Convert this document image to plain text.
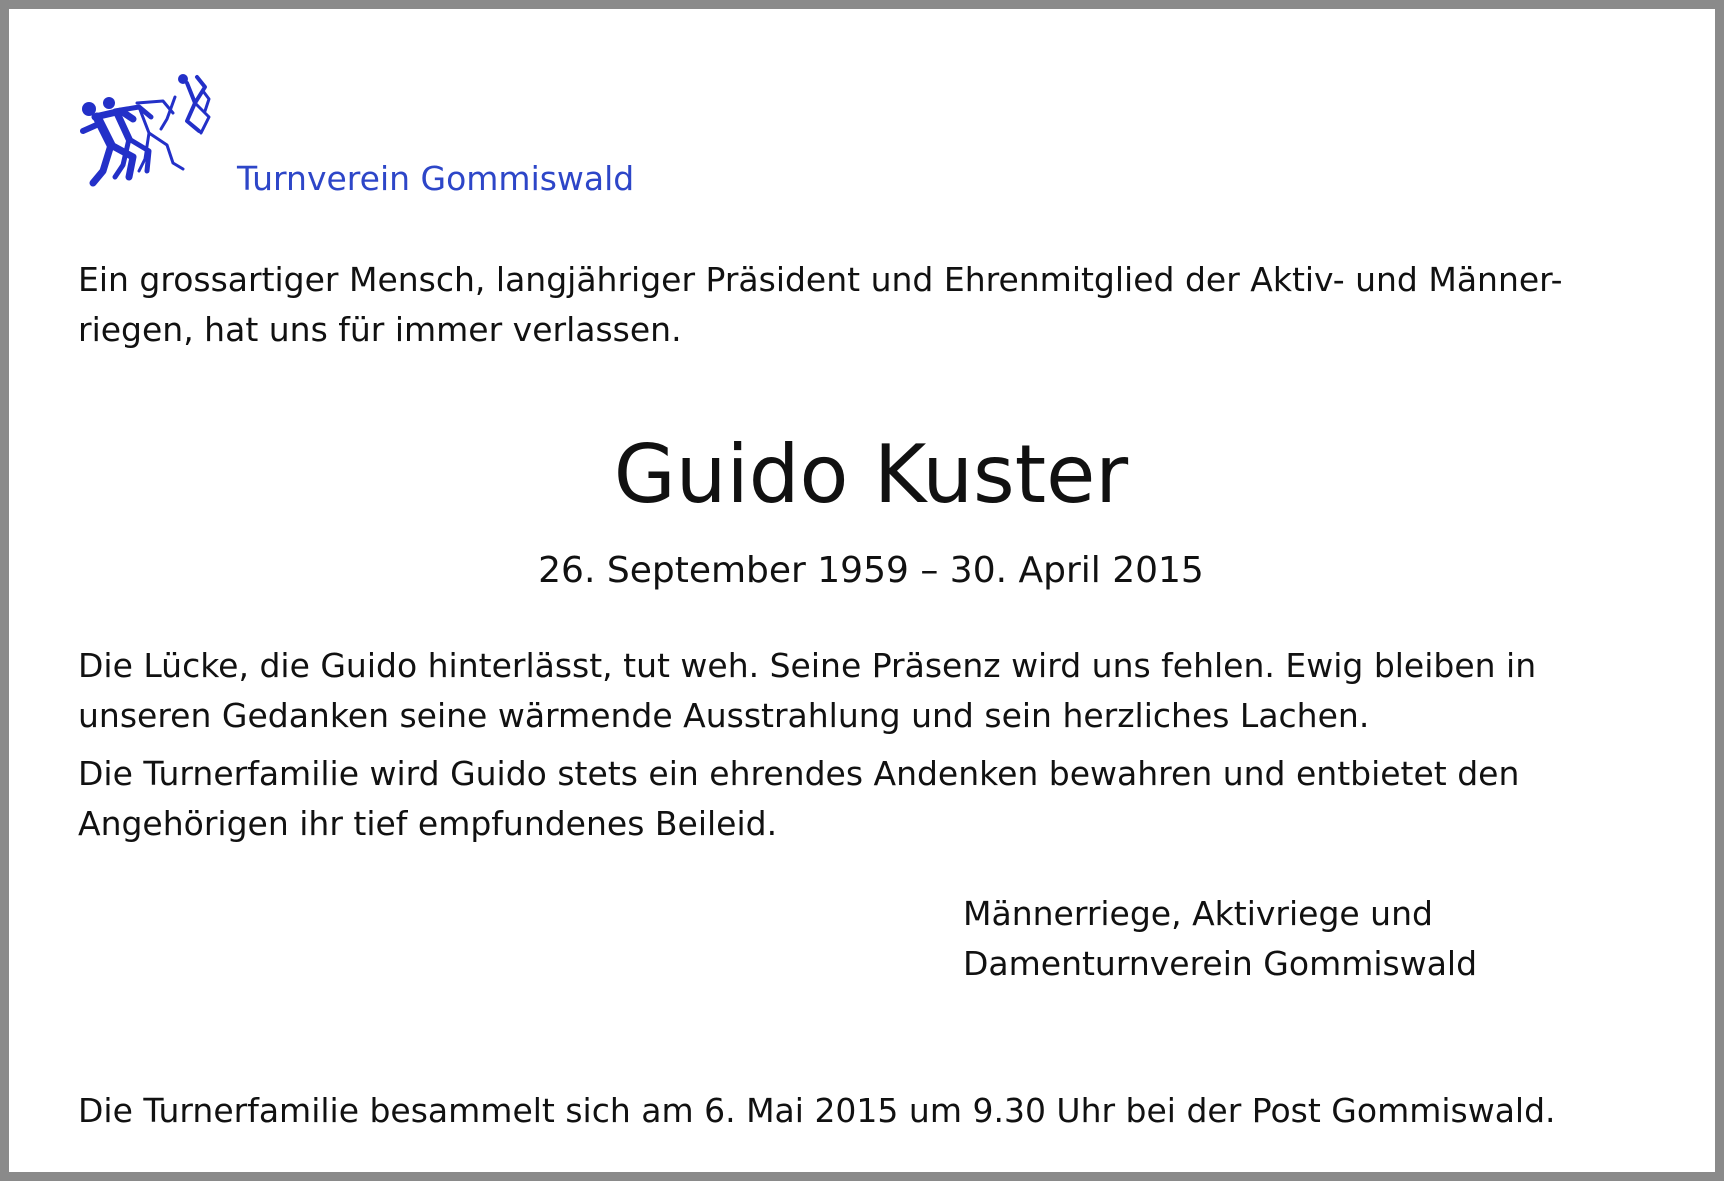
Turnverein Gommiswald
Ein grossartiger Mensch, langjähriger Präsident und Ehrenmitglied der Aktiv- und Männer-
riegen, hat uns für immer verlassen.
Guido Kuster
26. September 1959 – 30. April 2015
Die Lücke, die Guido hinterlässt, tut weh. Seine Präsenz wird uns fehlen. Ewig bleiben in
unseren Gedanken seine wärmende Ausstrahlung und sein herzliches Lachen.
Die Turnerfamilie wird Guido stets ein ehrendes Andenken bewahren und entbietet den
Angehörigen ihr tief empfundenes Beileid.
Männerriege, Aktivriege und
Damenturnverein Gommiswald
Die Turnerfamilie besammelt sich am 6. Mai 2015 um 9.30 Uhr bei der Post Gommiswald.
